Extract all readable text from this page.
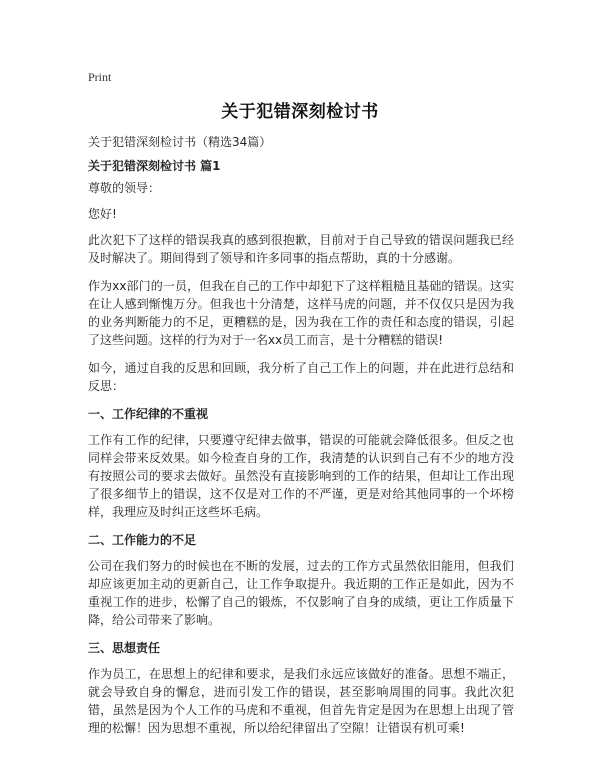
Print
关于犯错深刻检讨书
关于犯错深刻检讨书（精选34篇）
关于犯错深刻检讨书 篇1
尊敬的领导：
您好!
此次犯下了这样的错误我真的感到很抱歉，目前对于自己导致的错误问题我已经及时解决了。期间得到了领导和许多同事的指点帮助，真的十分感谢。
作为xx部门的一员，但我在自己的工作中却犯下了这样粗糙且基础的错误。这实在让人感到惭愧万分。但我也十分清楚，这样马虎的问题，并不仅仅只是因为我的业务判断能力的不足，更糟糕的是，因为我在工作的责任和态度的错误，引起了这些问题。这样的行为对于一名xx员工而言，是十分糟糕的错误!
如今，通过自我的反思和回顾，我分析了自己工作上的问题，并在此进行总结和反思：
一、工作纪律的不重视
工作有工作的纪律，只要遵守纪律去做事，错误的可能就会降低很多。但反之也同样会带来反效果。如今检查自身的工作，我清楚的认识到自己有不少的地方没有按照公司的要求去做好。虽然没有直接影响到的工作的结果，但却让工作出现了很多细节上的错误，这不仅是对工作的不严谨，更是对给其他同事的一个坏榜样，我理应及时纠正这些坏毛病。
二、工作能力的不足
公司在我们努力的时候也在不断的发展，过去的工作方式虽然依旧能用，但我们却应该更加主动的更新自己，让工作争取提升。我近期的工作正是如此，因为不重视工作的进步，松懈了自己的锻炼，不仅影响了自身的成绩，更让工作质量下降，给公司带来了影响。
三、思想责任
作为员工，在思想上的纪律和要求，是我们永远应该做好的准备。思想不端正，就会导致自身的懈怠，进而引发工作的错误，甚至影响周围的同事。我此次犯错，虽然是因为个人工作的马虎和不重视，但首先肯定是因为在思想上出现了管理的松懈！因为思想不重视，所以给纪律留出了空隙！让错误有机可乘!
